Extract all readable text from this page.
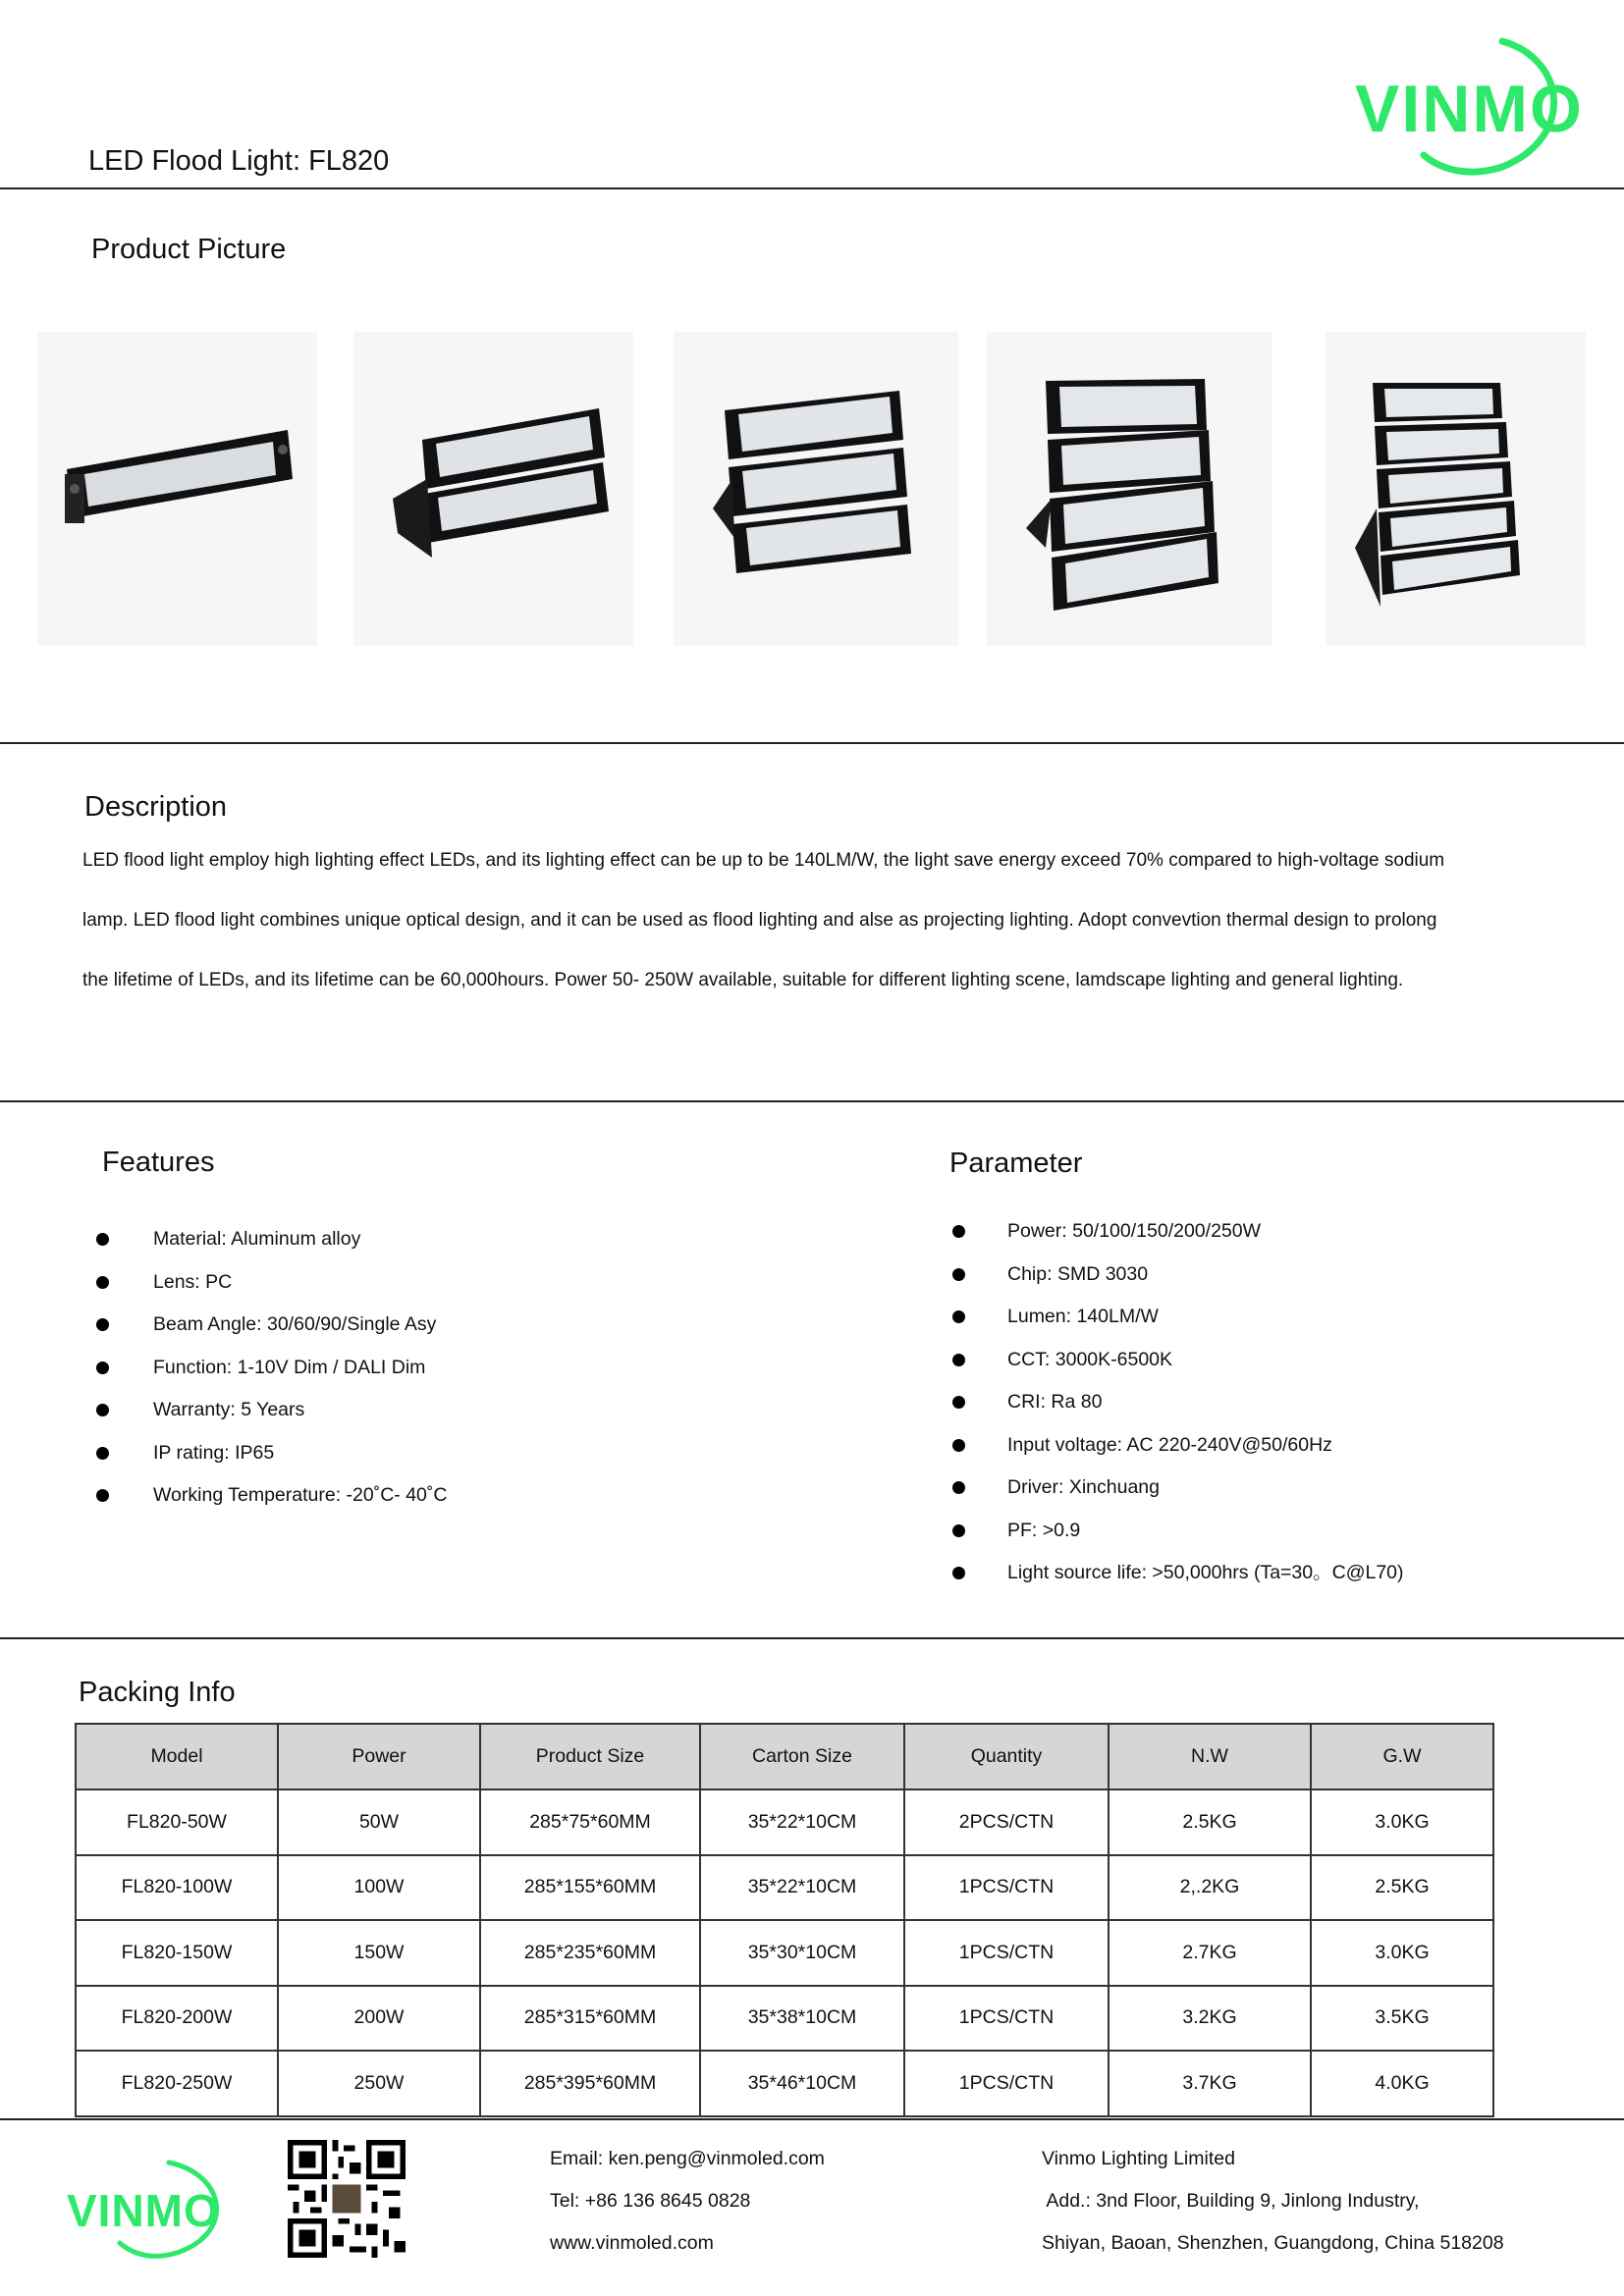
LED Flood Light: FL820
VINMO
Product Picture
Description
LED flood light employ high lighting effect LEDs, and its lighting effect can be up to be 140LM/W, the light save energy exceed 70% compared to high-voltage sodium
lamp. LED flood light combines unique optical design, and it can be used as flood lighting and alse as projecting lighting. Adopt convevtion thermal design to prolong
the lifetime of LEDs, and its lifetime can be 60,000hours. Power 50- 250W available, suitable for different lighting scene, lamdscape lighting and general lighting.
Features
Material: Aluminum alloy
Lens: PC
Beam Angle: 30/60/90/Single Asy
Function: 1-10V Dim / DALI Dim
Warranty: 5 Years
IP rating: IP65
Working Temperature: -20˚C- 40˚C
Parameter
Power: 50/100/150/200/250W
Chip: SMD 3030
Lumen: 140LM/W
CCT: 3000K-6500K
CRI: Ra 80
Input voltage: AC 220-240V@50/60Hz
Driver: Xinchuang
PF: >0.9
Light source life: >50,000hrs (Ta=30。C@L70)
Packing Info
Model	Power	Product Size	Carton Size	Quantity	N.W	G.W
FL820-50W	50W	285*75*60MM	35*22*10CM	2PCS/CTN	2.5KG	3.0KG
FL820-100W	100W	285*155*60MM	35*22*10CM	1PCS/CTN	2,.2KG	2.5KG
FL820-150W	150W	285*235*60MM	35*30*10CM	1PCS/CTN	2.7KG	3.0KG
FL820-200W	200W	285*315*60MM	35*38*10CM	1PCS/CTN	3.2KG	3.5KG
FL820-250W	250W	285*395*60MM	35*46*10CM	1PCS/CTN	3.7KG	4.0KG
VINMO
Email: ken.peng@vinmoled.com
Tel: +86 136 8645 0828
www.vinmoled.com
Vinmo Lighting Limited
Add.: 3nd Floor, Building 9, Jinlong Industry,
Shiyan, Baoan, Shenzhen, Guangdong, China 518208
